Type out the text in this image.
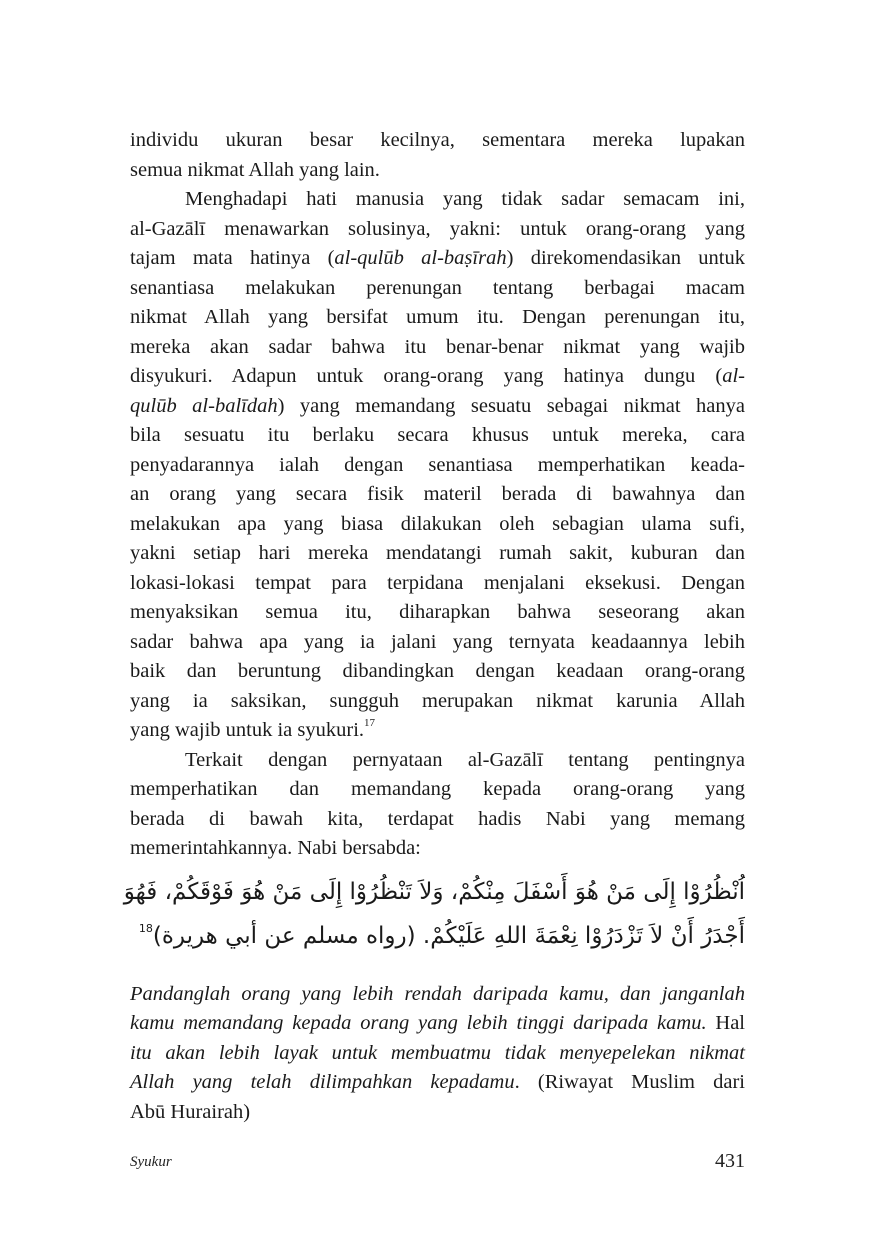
individu ukuran besar kecilnya, sementara mereka lupakan
semua nikmat Allah yang lain.

Menghadapi hati manusia yang tidak sadar semacam ini,
al-Gazālī menawarkan solusinya, yakni: untuk orang-orang yang
tajam mata hatinya (al-qulūb al-baṣīrah) direkomendasikan untuk
senantiasa melakukan perenungan tentang berbagai macam
nikmat Allah yang bersifat umum itu. Dengan perenungan itu,
mereka akan sadar bahwa itu benar-benar nikmat yang wajib
disyukuri. Adapun untuk orang-orang yang hatinya dungu (al-
qulūb al-balīdah) yang memandang sesuatu sebagai nikmat hanya
bila sesuatu itu berlaku secara khusus untuk mereka, cara
penyadarannya ialah dengan senantiasa memperhatikan keada-
an orang yang secara fisik materil berada di bawahnya dan
melakukan apa yang biasa dilakukan oleh sebagian ulama sufi,
yakni setiap hari mereka mendatangi rumah sakit, kuburan dan
lokasi-lokasi tempat para terpidana menjalani eksekusi. Dengan
menyaksikan semua itu, diharapkan bahwa seseorang akan
sadar bahwa apa yang ia jalani yang ternyata keadaannya lebih
baik dan beruntung dibandingkan dengan keadaan orang-orang
yang ia saksikan, sungguh merupakan nikmat karunia Allah
yang wajib untuk ia syukuri.$^{17}$

Terkait dengan pernyataan al-Gazālī tentang pentingnya
memperhatikan dan memandang kepada orang-orang yang
berada di bawah kita, terdapat hadis Nabi yang memang
memerintahkannya. Nabi bersabda:

اُنْظُرُوْا إِلَى مَنْ هُوَ أَسْفَلَ مِنْكُمْ، وَلاَ تَنْظُرُوْا إِلَى مَنْ هُوَ فَوْقَكُمْ، فَهُوَ
أَجْدَرُ أَنْ لاَ تَزْدَرُوْا نِعْمَةَ اللهِ عَلَيْكُمْ. (رواه مسلم عن أبي هريرة)$^{18}$

Pandanglah orang yang lebih rendah daripada kamu, dan janganlah
kamu memandang kepada orang yang lebih tinggi daripada kamu. Hal
itu akan lebih layak untuk membuatmu tidak menyepelekan nikmat
Allah yang telah dilimpahkan kepadamu. (Riwayat Muslim dari
Abū Hurairah)

Syukur	431
